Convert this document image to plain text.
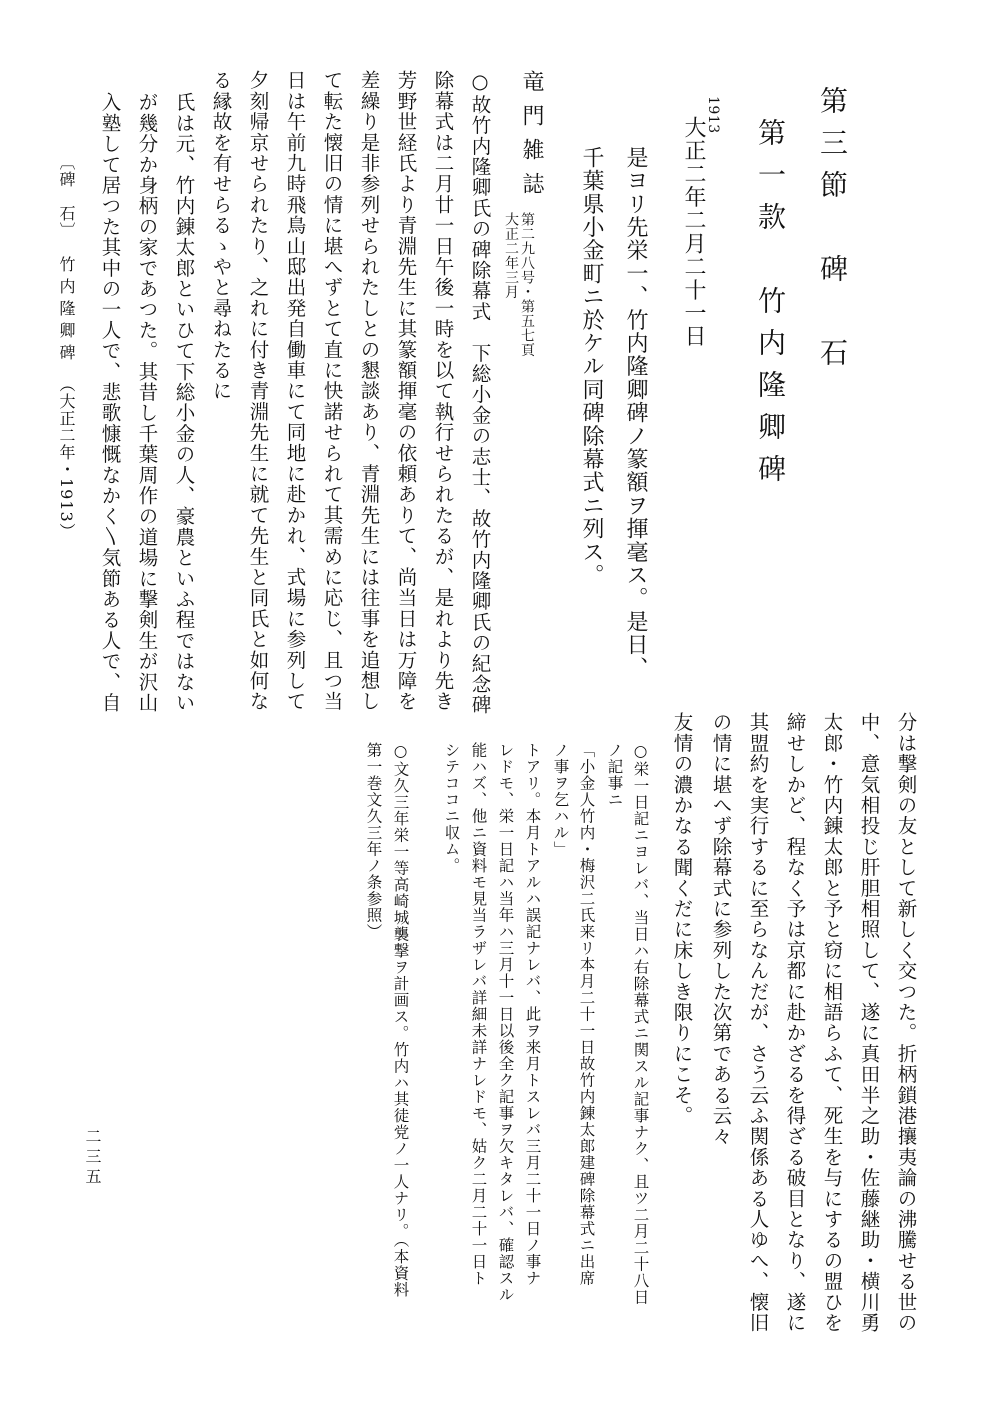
第三節　碑　石
第一款　竹内隆卿碑
1913
大正二年二月二十一日
是ヨリ先栄一、竹内隆卿碑ノ篆額ヲ揮毫ス。是日、
千葉県小金町ニ於ケル同碑除幕式ニ列ス。
竜門雑誌
第二九八号・第五七頁
大正二年三月
○故竹内隆卿氏の碑除幕式　下総小金の志士、故竹内隆卿氏の紀念碑
除幕式は二月廿一日午後一時を以て執行せられたるが、是れより先き
芳野世経氏より青淵先生に其篆額揮毫の依頼ありて、尚当日は万障を
差繰り是非参列せられたしとの懇談あり、青淵先生には往事を追想し
て転た懐旧の情に堪へずとて直に快諾せられて其需めに応じ、且つ当
日は午前九時飛鳥山邸出発自働車にて同地に赴かれ、式場に参列して
夕刻帰京せられたり、之れに付き青淵先生に就て先生と同氏と如何な
る縁故を有せらるゝやと尋ねたるに
氏は元、竹内錬太郎といひて下総小金の人、豪農といふ程ではない
が幾分か身柄の家であつた。其昔し千葉周作の道場に撃剣生が沢山
入塾して居つた其中の一人で、悲歌慷慨なかく〵気節ある人で、自
分は撃剣の友として新しく交つた。折柄鎖港攘夷論の沸騰せる世の
中、意気相投じ肝胆相照して、遂に真田半之助・佐藤継助・横川勇
太郎・竹内錬太郎と予と窃に相語らふて、死生を与にするの盟ひを
締せしかど、程なく予は京都に赴かざるを得ざる破目となり、遂に
其盟約を実行するに至らなんだが、さう云ふ関係ある人ゆへ、懐旧
の情に堪へず除幕式に参列した次第である云々
友情の濃かなる聞くだに床しき限りにこそ。
○栄一日記ニヨレバ、当日ハ右除幕式ニ関スル記事ナク、且ツ二月二十八日
ノ記事ニ
「小金人竹内・梅沢二氏来リ本月二十一日故竹内錬太郎建碑除幕式ニ出席
ノ事ヲ乞ハル」
トアリ。本月トアルハ誤記ナレバ、此ヲ来月トスレバ三月二十一日ノ事ナ
レドモ、栄一日記ハ当年ハ三月十一日以後全ク記事ヲ欠キタレバ、確認スル
能ハズ、他ニ資料モ見当ラザレバ詳細未詳ナレドモ、姑ク二月二十一日ト
シテココニ収ム。
○文久三年栄一等高崎城襲撃ヲ計画ス。竹内ハ其徒党ノ一人ナリ。（本資料
第一巻文久三年ノ条参照）
〔碑　石〕
竹内隆卿碑
（大正二年・1913）
二三五
